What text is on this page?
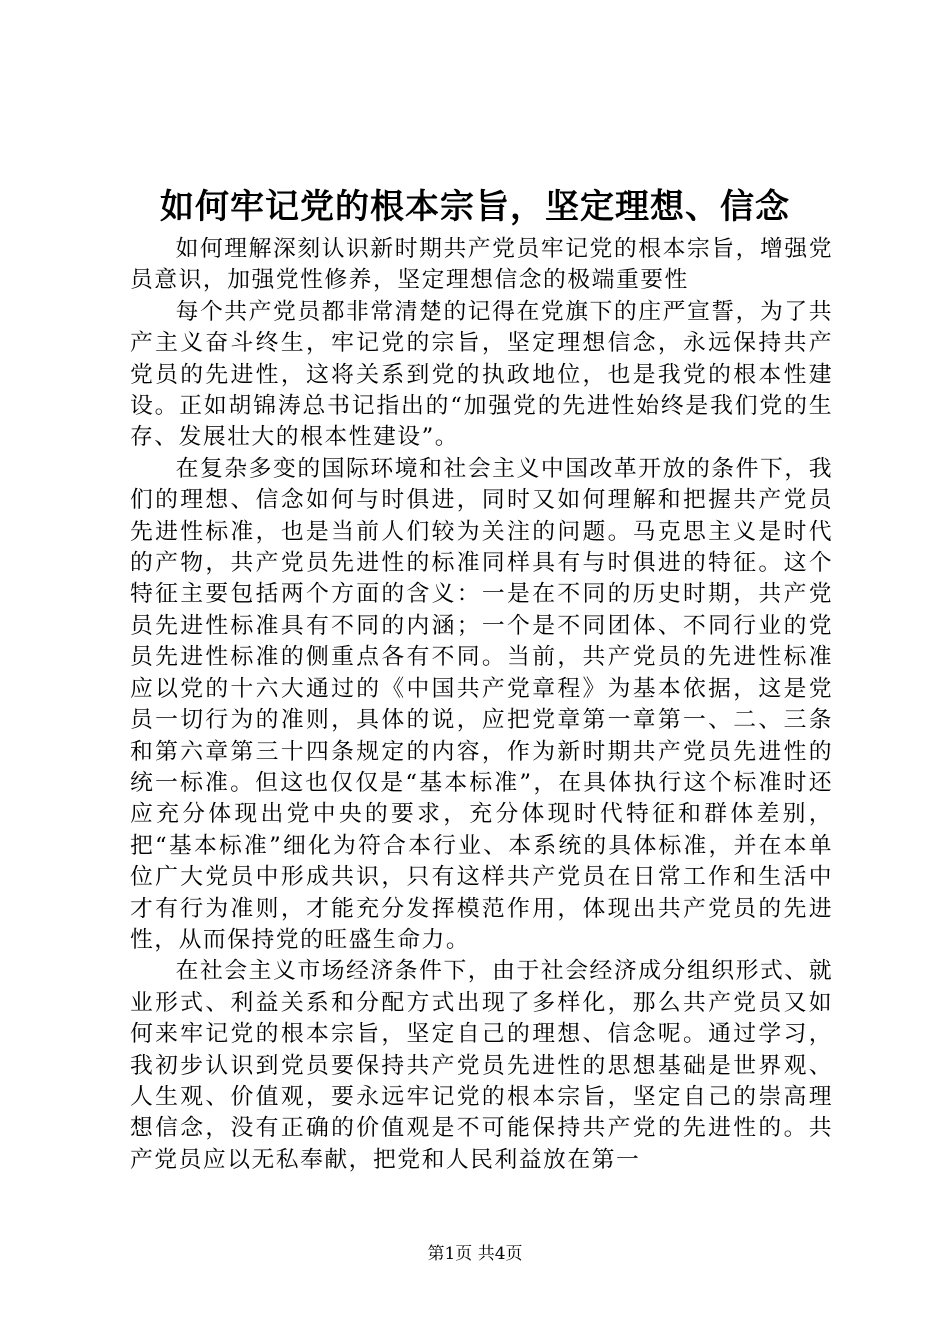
如何牢记党的根本宗旨，坚定理想、信念

如何理解深刻认识新时期共产党员牢记党的根本宗旨，增强党员意识，加强党性修养，坚定理想信念的极端重要性

每个共产党员都非常清楚的记得在党旗下的庄严宣誓，为了共产主义奋斗终生，牢记党的宗旨，坚定理想信念，永远保持共产党员的先进性，这将关系到党的执政地位，也是我党的根本性建设。正如胡锦涛总书记指出的“加强党的先进性始终是我们党的生存、发展壮大的根本性建设”。

在复杂多变的国际环境和社会主义中国改革开放的条件下，我们的理想、信念如何与时俱进，同时又如何理解和把握共产党员先进性标准，也是当前人们较为关注的问题。马克思主义是时代的产物，共产党员先进性的标准同样具有与时俱进的特征。这个特征主要包括两个方面的含义：一是在不同的历史时期，共产党员先进性标准具有不同的内涵；一个是不同团体、不同行业的党员先进性标准的侧重点各有不同。当前，共产党员的先进性标准应以党的十六大通过的《中国共产党章程》为基本依据，这是党员一切行为的准则，具体的说，应把党章第一章第一、二、三条和第六章第三十四条规定的内容，作为新时期共产党员先进性的统一标准。但这也仅仅是“基本标准”，在具体执行这个标准时还应充分体现出党中央的要求，充分体现时代特征和群体差别，把“基本标准”细化为符合本行业、本系统的具体标准，并在本单位广大党员中形成共识，只有这样共产党员在日常工作和生活中才有行为准则，才能充分发挥模范作用，体现出共产党员的先进性，从而保持党的旺盛生命力。

在社会主义市场经济条件下，由于社会经济成分组织形式、就业形式、利益关系和分配方式出现了多样化，那么共产党员又如何来牢记党的根本宗旨，坚定自己的理想、信念呢。通过学习，我初步认识到党员要保持共产党员先进性的思想基础是世界观、人生观、价值观，要永远牢记党的根本宗旨，坚定自己的崇高理想信念，没有正确的价值观是不可能保持共产党的先进性的。共产党员应以无私奉献，把党和人民利益放在第一

第1页 共4页
